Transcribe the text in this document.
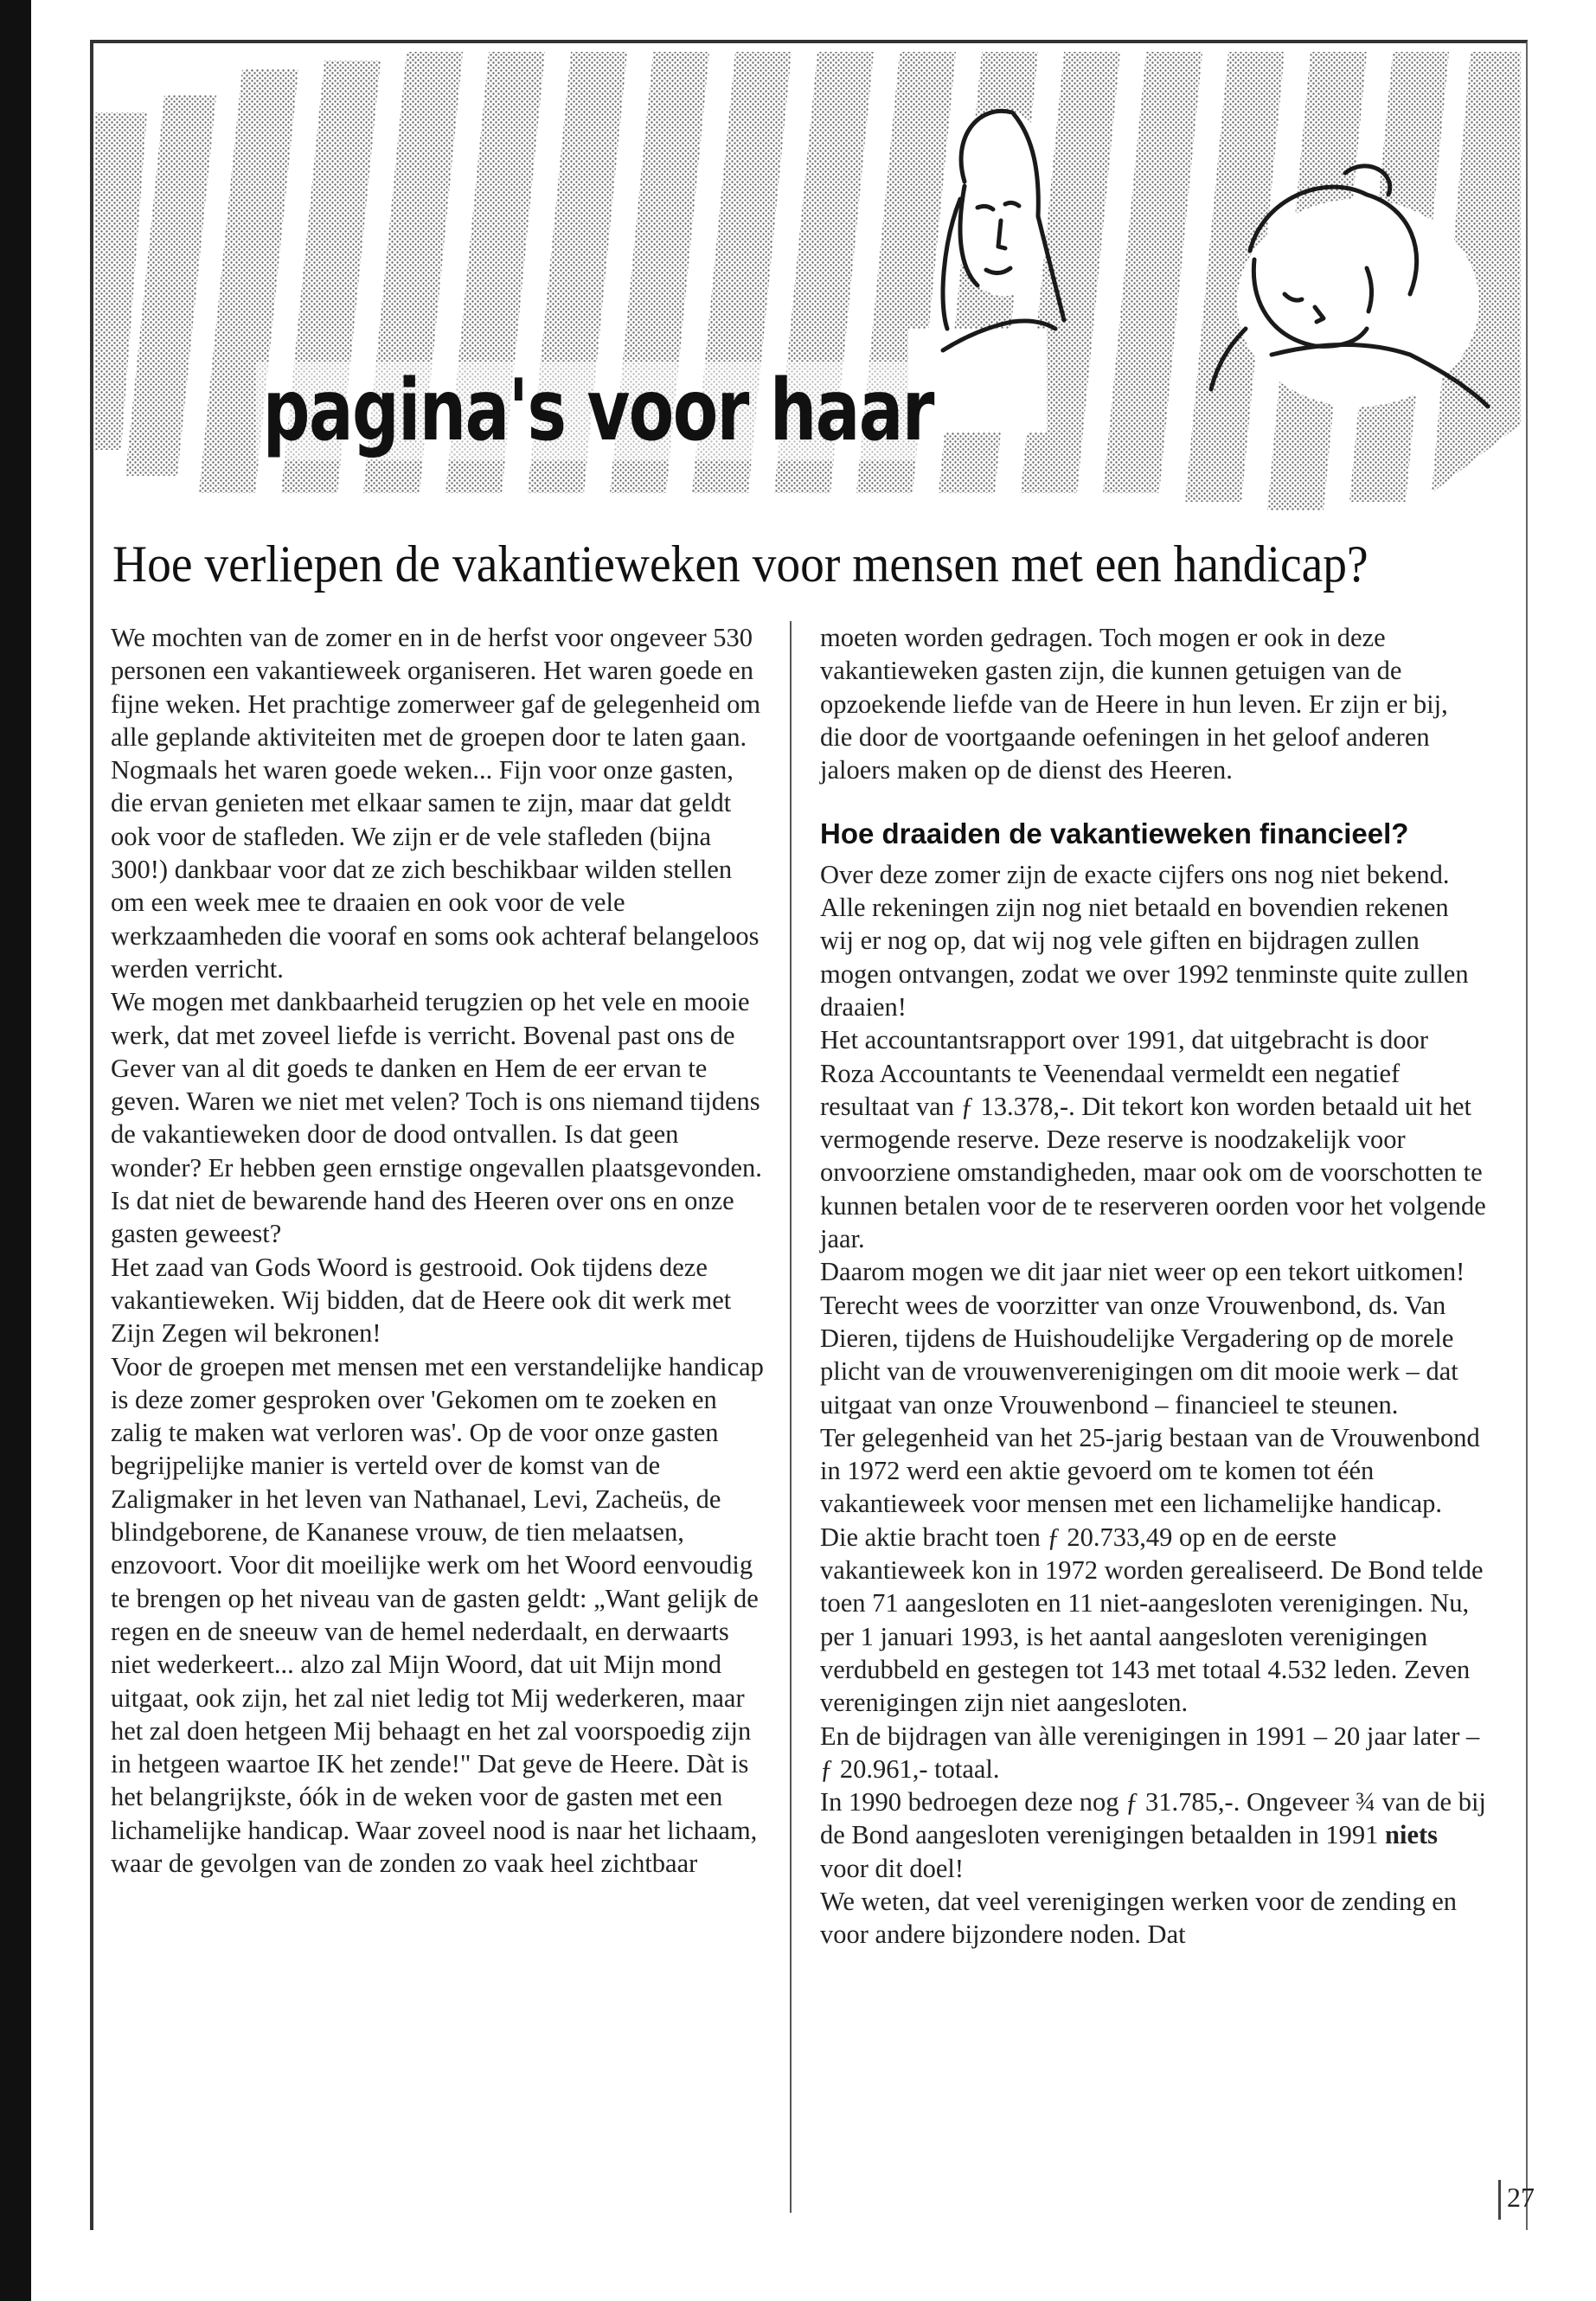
pagina's voor haar
Hoe verliepen de vakantieweken voor mensen met een handicap?

We mochten van de zomer en in de herfst voor ongeveer 530 personen een vakantieweek organiseren. Het waren goede en fijne weken. Het prachtige zomerweer gaf de gelegenheid om alle geplande aktiviteiten met de groepen door te laten gaan.

Nogmaals het waren goede weken... Fijn voor onze gasten, die ervan genieten met elkaar samen te zijn, maar dat geldt ook voor de stafleden. We zijn er de vele stafleden (bijna 300!) dankbaar voor dat ze zich beschikbaar wilden stellen om een week mee te draaien en ook voor de vele werkzaamheden die vooraf en soms ook achteraf belangeloos werden verricht.

We mogen met dankbaarheid terugzien op het vele en mooie werk, dat met zoveel liefde is verricht. Bovenal past ons de Gever van al dit goeds te danken en Hem de eer ervan te geven. Waren we niet met velen? Toch is ons niemand tijdens de vakantieweken door de dood ontvallen. Is dat geen wonder? Er hebben geen ernstige ongevallen plaatsgevonden. Is dat niet de bewarende hand des Heeren over ons en onze gasten geweest?

Het zaad van Gods Woord is gestrooid. Ook tijdens deze vakantieweken. Wij bidden, dat de Heere ook dit werk met Zijn Zegen wil bekronen!

Voor de groepen met mensen met een verstandelijke handicap is deze zomer gesproken over 'Gekomen om te zoeken en zalig te maken wat verloren was'. Op de voor onze gasten begrijpelijke manier is verteld over de komst van de Zaligmaker in het leven van Nathanael, Levi, Zacheüs, de blindgeborene, de Kananese vrouw, de tien melaatsen, enzovoort. Voor dit moeilijke werk om het Woord eenvoudig te brengen op het niveau van de gasten geldt: „Want gelijk de regen en de sneeuw van de hemel nederdaalt, en derwaarts niet wederkeert... alzo zal Mijn Woord, dat uit Mijn mond uitgaat, ook zijn, het zal niet ledig tot Mij wederkeren, maar het zal doen hetgeen Mij behaagt en het zal voorspoedig zijn in hetgeen waartoe IK het zende!" Dat geve de Heere. Dàt is het belangrijkste, óók in de weken voor de gasten met een lichamelijke handicap. Waar zoveel nood is naar het lichaam, waar de gevolgen van de zonden zo vaak heel zichtbaar

moeten worden gedragen. Toch mogen er ook in deze vakantieweken gasten zijn, die kunnen getuigen van de opzoekende liefde van de Heere in hun leven. Er zijn er bij, die door de voortgaande oefeningen in het geloof anderen jaloers maken op de dienst des Heeren.

Hoe draaiden de vakantieweken financieel?

Over deze zomer zijn de exacte cijfers ons nog niet bekend. Alle rekeningen zijn nog niet betaald en bovendien rekenen wij er nog op, dat wij nog vele giften en bijdragen zullen mogen ontvangen, zodat we over 1992 tenminste quite zullen draaien!

Het accountantsrapport over 1991, dat uitgebracht is door Roza Accountants te Veenendaal vermeldt een negatief resultaat van ƒ 13.378,-. Dit tekort kon worden betaald uit het vermogende reserve. Deze reserve is noodzakelijk voor onvoorziene omstandigheden, maar ook om de voorschotten te kunnen betalen voor de te reserveren oorden voor het volgende jaar.

Daarom mogen we dit jaar niet weer op een tekort uitkomen!

Terecht wees de voorzitter van onze Vrouwenbond, ds. Van Dieren, tijdens de Huishoudelijke Vergadering op de morele plicht van de vrouwenverenigingen om dit mooie werk – dat uitgaat van onze Vrouwenbond – financieel te steunen.

Ter gelegenheid van het 25-jarig bestaan van de Vrouwenbond in 1972 werd een aktie gevoerd om te komen tot één vakantieweek voor mensen met een lichamelijke handicap. Die aktie bracht toen ƒ 20.733,49 op en de eerste vakantieweek kon in 1972 worden gerealiseerd. De Bond telde toen 71 aangesloten en 11 niet-aangesloten verenigingen. Nu, per 1 januari 1993, is het aantal aangesloten verenigingen verdubbeld en gestegen tot 143 met totaal 4.532 leden. Zeven verenigingen zijn niet aangesloten.

En de bijdragen van àlle verenigingen in 1991 – 20 jaar later – ƒ 20.961,- totaal.

In 1990 bedroegen deze nog ƒ 31.785,-. Ongeveer ¾ van de bij de Bond aangesloten verenigingen betaalden in 1991 niets voor dit doel!

We weten, dat veel verenigingen werken voor de zending en voor andere bijzondere noden. Dat

27
